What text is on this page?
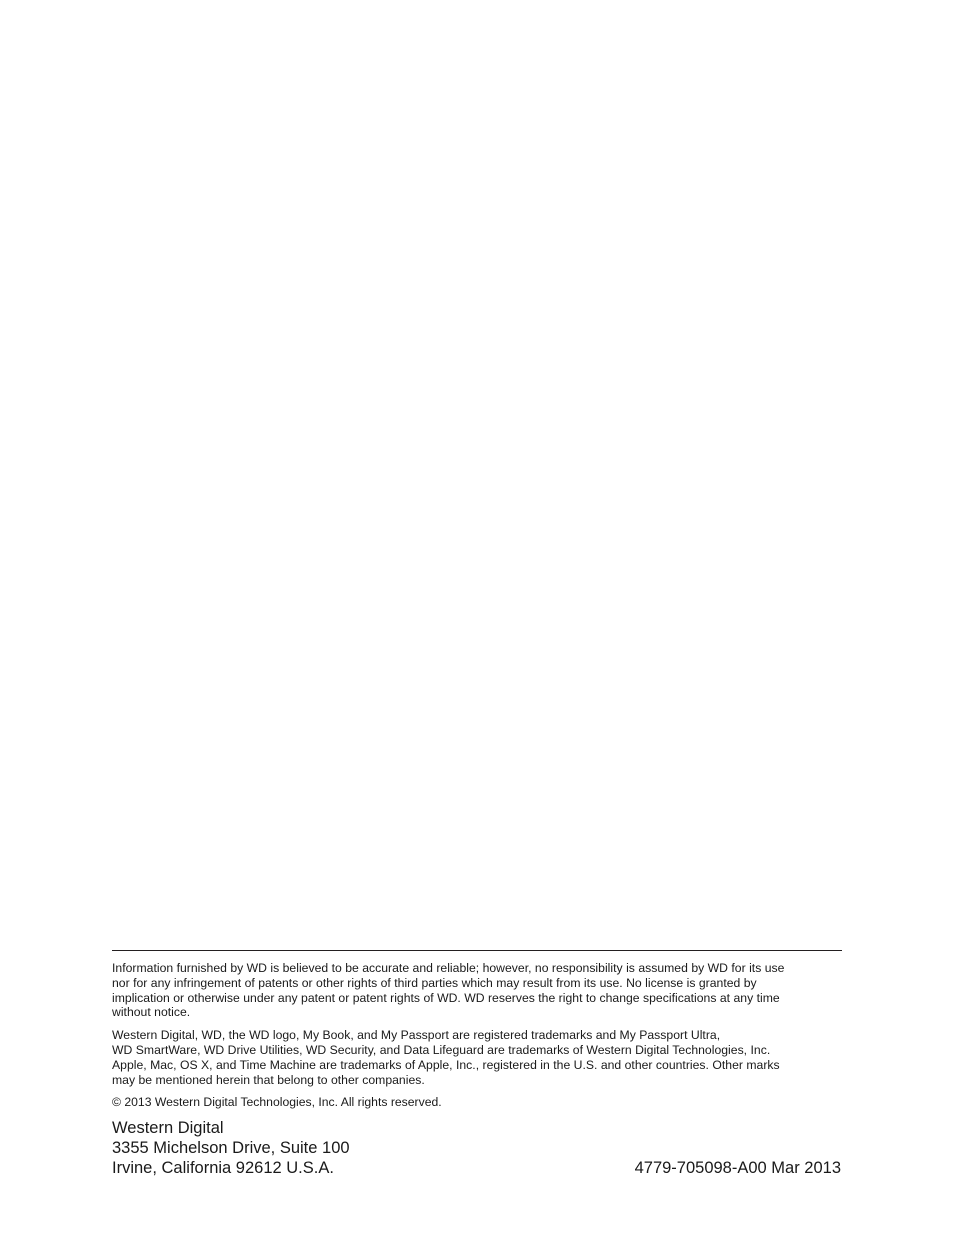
Information furnished by WD is believed to be accurate and reliable; however, no responsibility is assumed by WD for its use
nor for any infringement of patents or other rights of third parties which may result from its use. No license is granted by
implication or otherwise under any patent or patent rights of WD. WD reserves the right to change specifications at any time
without notice.
Western Digital, WD, the WD logo, My Book, and My Passport are registered trademarks and My Passport Ultra,
WD SmartWare, WD Drive Utilities, WD Security, and Data Lifeguard are trademarks of Western Digital Technologies, Inc.
Apple, Mac, OS X, and Time Machine are trademarks of Apple, Inc., registered in the U.S. and other countries. Other marks
may be mentioned herein that belong to other companies.
© 2013 Western Digital Technologies, Inc. All rights reserved.
Western Digital
3355 Michelson Drive, Suite 100
Irvine, California 92612 U.S.A.	4779-705098-A00 Mar 2013
